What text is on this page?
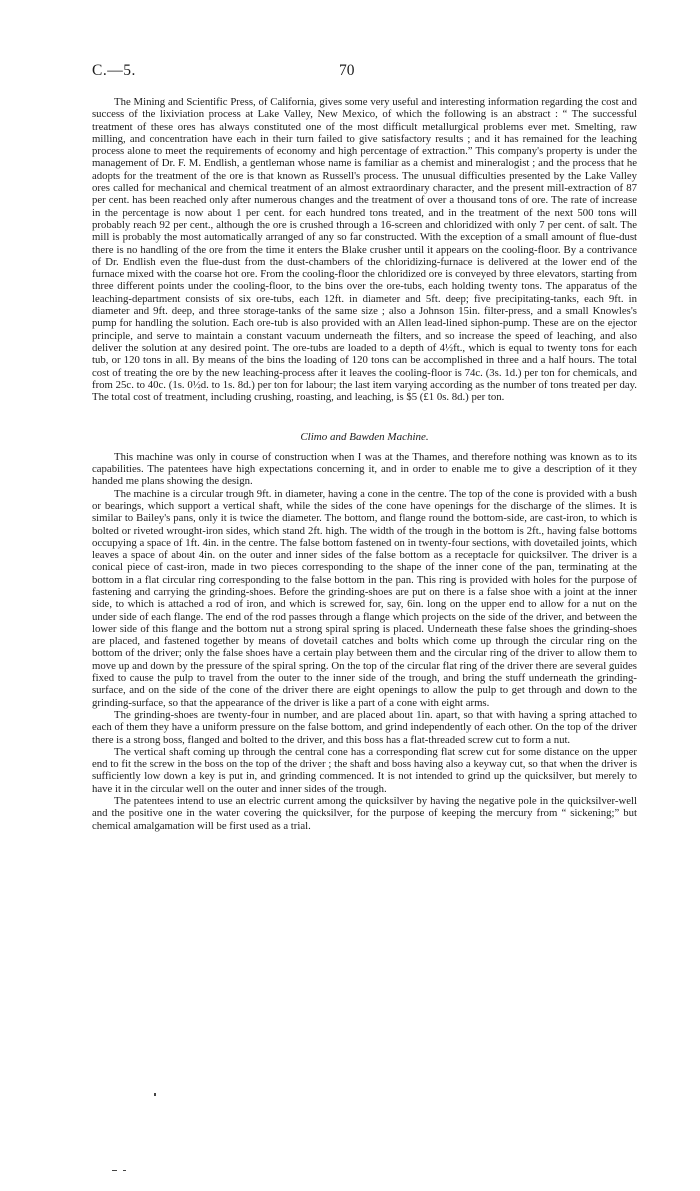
C.—5.	70

The Mining and Scientific Press, of California, gives some very useful and interesting information regarding the cost and success of the lixiviation process at Lake Valley, New Mexico, of which the following is an abstract : “ The successful treatment of these ores has always constituted one of the most difficult metallurgical problems ever met. Smelting, raw milling, and concentration have each in their turn failed to give satisfactory results ; and it has remained for the leaching process alone to meet the requirements of economy and high percentage of extraction.” This company's property is under the management of Dr. F. M. Endlish, a gentleman whose name is familiar as a chemist and mineralogist ; and the process that he adopts for the treatment of the ore is that known as Russell's process. The unusual difficulties presented by the Lake Valley ores called for mechanical and chemical treatment of an almost extraordinary character, and the present mill-extraction of 87 per cent. has been reached only after numerous changes and the treatment of over a thousand tons of ore. The rate of increase in the percentage is now about 1 per cent. for each hundred tons treated, and in the treatment of the next 500 tons will probably reach 92 per cent., although the ore is crushed through a 16-screen and chloridized with only 7 per cent. of salt. The mill is probably the most automatically arranged of any so far constructed. With the exception of a small amount of flue-dust there is no handling of the ore from the time it enters the Blake crusher until it appears on the cooling-floor. By a contrivance of Dr. Endlish even the flue-dust from the dust-chambers of the chloridizing-furnace is delivered at the lower end of the furnace mixed with the coarse hot ore. From the cooling-floor the chloridized ore is conveyed by three elevators, starting from three different points under the cooling-floor, to the bins over the ore-tubs, each holding twenty tons. The apparatus of the leaching-department consists of six ore-tubs, each 12ft. in diameter and 5ft. deep; five precipitating-tanks, each 9ft. in diameter and 9ft. deep, and three storage-tanks of the same size ; also a Johnson 15in. filter-press, and a small Knowles's pump for handling the solution. Each ore-tub is also provided with an Allen lead-lined siphon-pump. These are on the ejector principle, and serve to maintain a constant vacuum underneath the filters, and so increase the speed of leaching, and also deliver the solution at any desired point. The ore-tubs are loaded to a depth of 4½ft., which is equal to twenty tons for each tub, or 120 tons in all. By means of the bins the loading of 120 tons can be accomplished in three and a half hours. The total cost of treating the ore by the new leaching-process after it leaves the cooling-floor is 74c. (3s. 1d.) per ton for chemicals, and from 25c. to 40c. (1s. 0½d. to 1s. 8d.) per ton for labour; the last item varying according as the number of tons treated per day. The total cost of treatment, including crushing, roasting, and leaching, is $5 (£1 0s. 8d.) per ton.

Climo and Bawden Machine.

This machine was only in course of construction when I was at the Thames, and therefore nothing was known as to its capabilities. The patentees have high expectations concerning it, and in order to enable me to give a description of it they handed me plans showing the design.

The machine is a circular trough 9ft. in diameter, having a cone in the centre. The top of the cone is provided with a bush or bearings, which support a vertical shaft, while the sides of the cone have openings for the discharge of the slimes. It is similar to Bailey's pans, only it is twice the diameter. The bottom, and flange round the bottom-side, are cast-iron, to which is bolted or riveted wrought-iron sides, which stand 2ft. high. The width of the trough in the bottom is 2ft., having false bottoms occupying a space of 1ft. 4in. in the centre. The false bottom fastened on in twenty-four sections, with dovetailed joints, which leaves a space of about 4in. on the outer and inner sides of the false bottom as a receptacle for quicksilver. The driver is a conical piece of cast-iron, made in two pieces corresponding to the shape of the inner cone of the pan, terminating at the bottom in a flat circular ring corresponding to the false bottom in the pan. This ring is provided with holes for the purpose of fastening and carrying the grinding-shoes. Before the grinding-shoes are put on there is a false shoe with a joint at the inner side, to which is attached a rod of iron, and which is screwed for, say, 6in. long on the upper end to allow for a nut on the under side of each flange. The end of the rod passes through a flange which projects on the side of the driver, and between the lower side of this flange and the bottom nut a strong spiral spring is placed. Underneath these false shoes the grinding-shoes are placed, and fastened together by means of dovetail catches and bolts which come up through the circular ring on the bottom of the driver; only the false shoes have a certain play between them and the circular ring of the driver to allow them to move up and down by the pressure of the spiral spring. On the top of the circular flat ring of the driver there are several guides fixed to cause the pulp to travel from the outer to the inner side of the trough, and bring the stuff underneath the grinding-surface, and on the side of the cone of the driver there are eight openings to allow the pulp to get through and down to the grinding-surface, so that the appearance of the driver is like a part of a cone with eight arms.

The grinding-shoes are twenty-four in number, and are placed about 1in. apart, so that with having a spring attached to each of them they have a uniform pressure on the false bottom, and grind independently of each other. On the top of the driver there is a strong boss, flanged and bolted to the driver, and this boss has a flat-threaded screw cut to form a nut.

The vertical shaft coming up through the central cone has a corresponding flat screw cut for some distance on the upper end to fit the screw in the boss on the top of the driver ; the shaft and boss having also a keyway cut, so that when the driver is sufficiently low down a key is put in, and grinding commenced. It is not intended to grind up the quicksilver, but merely to have it in the circular well on the outer and inner sides of the trough.

The patentees intend to use an electric current among the quicksilver by having the negative pole in the quicksilver-well and the positive one in the water covering the quicksilver, for the purpose of keeping the mercury from “ sickening;” but chemical amalgamation will be first used as a trial.
